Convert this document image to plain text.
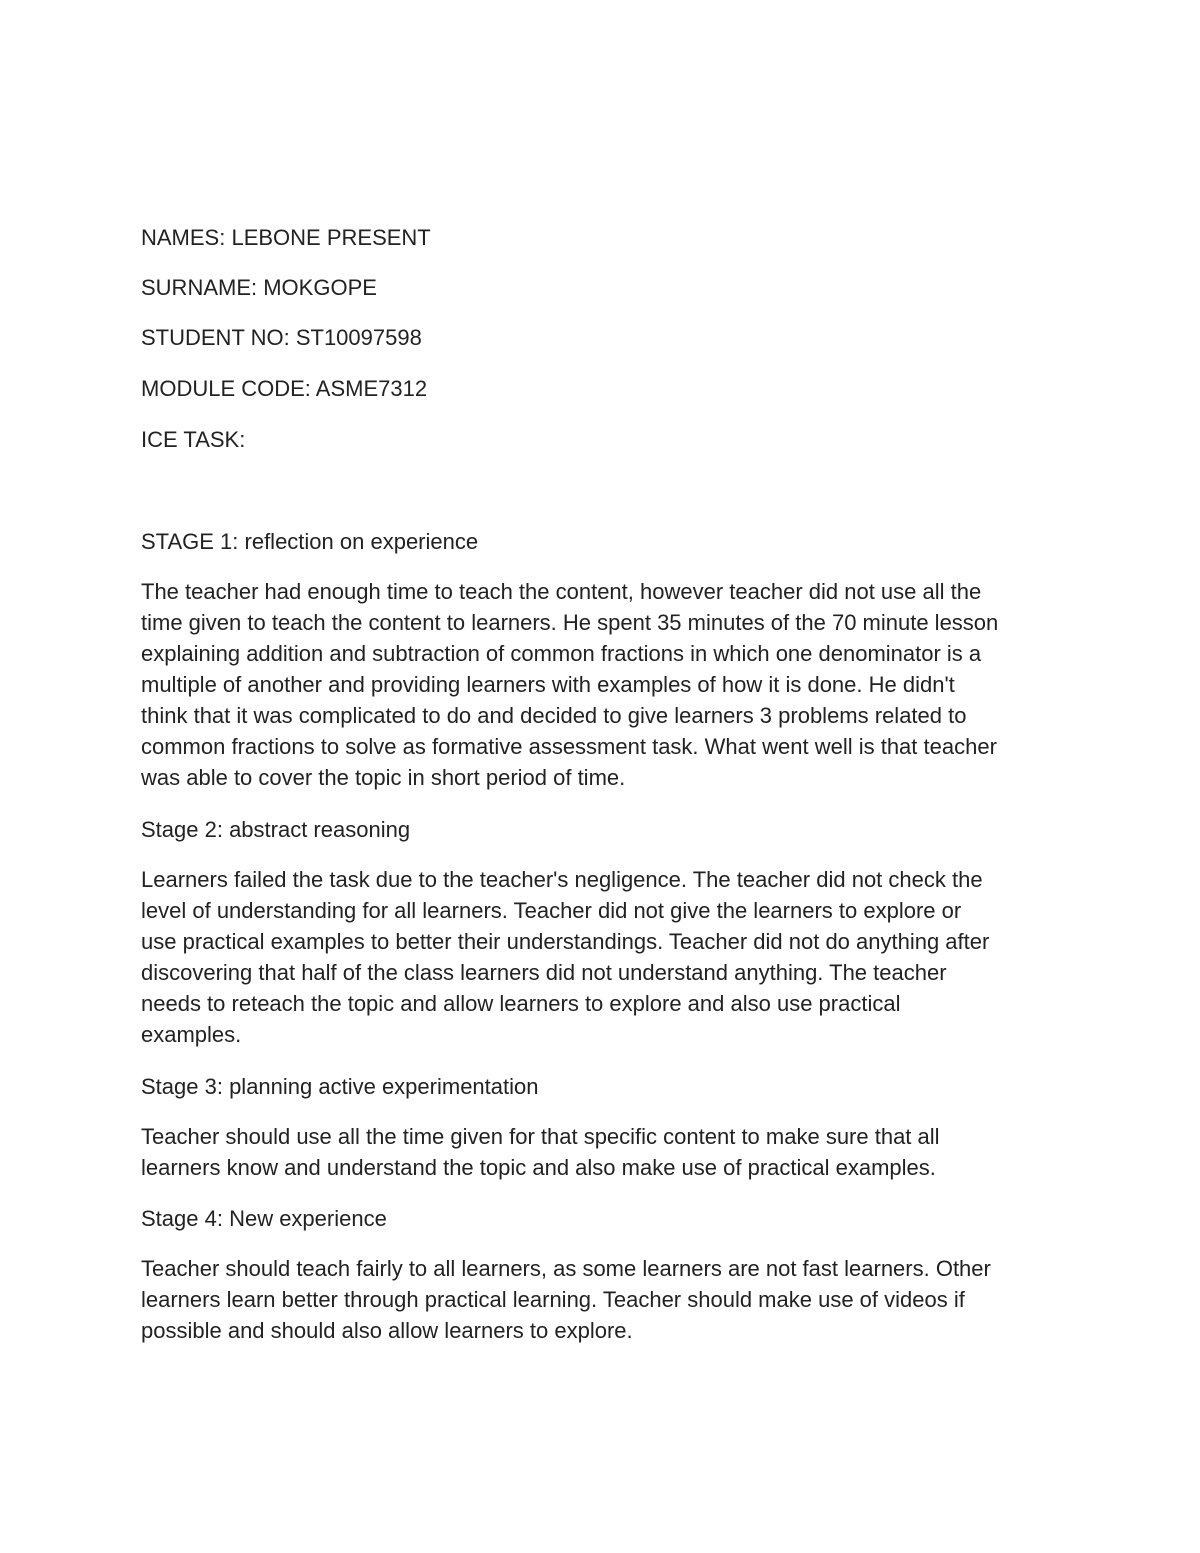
NAMES: LEBONE PRESENT

SURNAME: MOKGOPE

STUDENT NO: ST10097598

MODULE CODE: ASME7312

ICE TASK:

STAGE 1: reflection on experience

The teacher had enough time to teach the content, however teacher did not use all the
time given to teach the content to learners. He spent 35 minutes of the 70 minute lesson
explaining addition and subtraction of common fractions in which one denominator is a
multiple of another and providing learners with examples of how it is done. He didn't
think that it was complicated to do and decided to give learners 3 problems related to
common fractions to solve as formative assessment task. What went well is that teacher
was able to cover the topic in short period of time.

Stage 2: abstract reasoning

Learners failed the task due to the teacher's negligence. The teacher did not check the
level of understanding for all learners. Teacher did not give the learners to explore or
use practical examples to better their understandings. Teacher did not do anything after
discovering that half of the class learners did not understand anything. The teacher
needs to reteach the topic and allow learners to explore and also use practical
examples.

Stage 3: planning active experimentation

Teacher should use all the time given for that specific content to make sure that all
learners know and understand the topic and also make use of practical examples.

Stage 4: New experience

Teacher should teach fairly to all learners, as some learners are not fast learners. Other
learners learn better through practical learning. Teacher should make use of videos if
possible and should also allow learners to explore.
